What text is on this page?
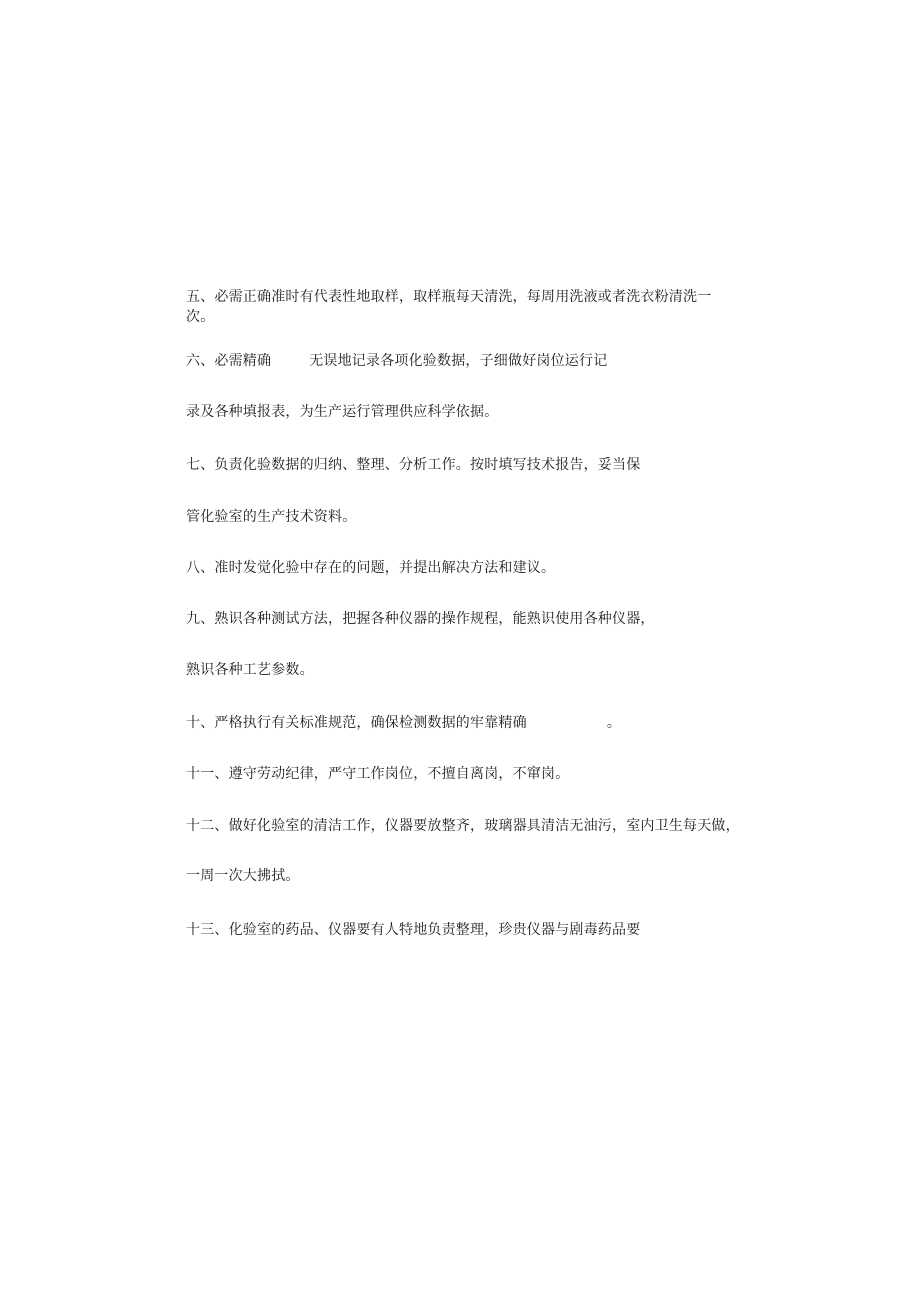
五、必需正确准时有代表性地取样，取样瓶每天清洗，每周用洗液或者洗衣粉清洗一
次。
六、必需精确	无误地记录各项化验数据，子细做好岗位运行记
录及各种填报表，为生产运行管理供应科学依据。
七、负责化验数据的归纳、整理、分析工作。按时填写技术报告，妥当保
管化验室的生产技术资料。
八、准时发觉化验中存在的问题，并提出解决方法和建议。
九、熟识各种测试方法，把握各种仪器的操作规程，能熟识使用各种仪器，
熟识各种工艺参数。
十、严格执行有关标准规范，确保检测数据的牢靠精确	。
十一、遵守劳动纪律，严守工作岗位，不擅自离岗，不窜岗。
十二、做好化验室的清洁工作，仪器要放整齐，玻璃器具清洁无油污，室内卫生每天做，
一周一次大拂拭。
十三、化验室的药品、仪器要有人特地负责整理，珍贵仪器与剧毒药品要
